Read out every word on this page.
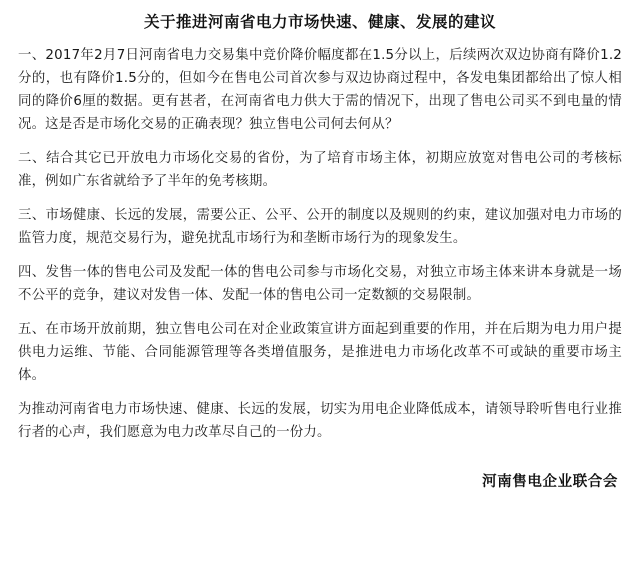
关于推进河南省电力市场快速、健康、发展的建议

一、2017年2月7日河南省电力交易集中竞价降价幅度都在1.5分以上，后续两次双边协商有降价1.2分的，也有降价1.5分的，但如今在售电公司首次参与双边协商过程中，各发电集团都给出了惊人相同的降价6厘的数据。更有甚者，在河南省电力供大于需的情况下，出现了售电公司买不到电量的情况。这是否是市场化交易的正确表现？独立售电公司何去何从？

二、结合其它已开放电力市场化交易的省份，为了培育市场主体，初期应放宽对售电公司的考核标准，例如广东省就给予了半年的免考核期。

三、市场健康、长远的发展，需要公正、公平、公开的制度以及规则的约束，建议加强对电力市场的监管力度，规范交易行为，避免扰乱市场行为和垄断市场行为的现象发生。

四、发售一体的售电公司及发配一体的售电公司参与市场化交易，对独立市场主体来讲本身就是一场不公平的竞争，建议对发售一体、发配一体的售电公司一定数额的交易限制。

五、在市场开放前期，独立售电公司在对企业政策宣讲方面起到重要的作用，并在后期为电力用户提供电力运维、节能、合同能源管理等各类增值服务，是推进电力市场化改革不可或缺的重要市场主体。

为推动河南省电力市场快速、健康、长远的发展，切实为用电企业降低成本，请领导聆听售电行业推行者的心声，我们愿意为电力改革尽自己的一份力。

河南售电企业联合会
